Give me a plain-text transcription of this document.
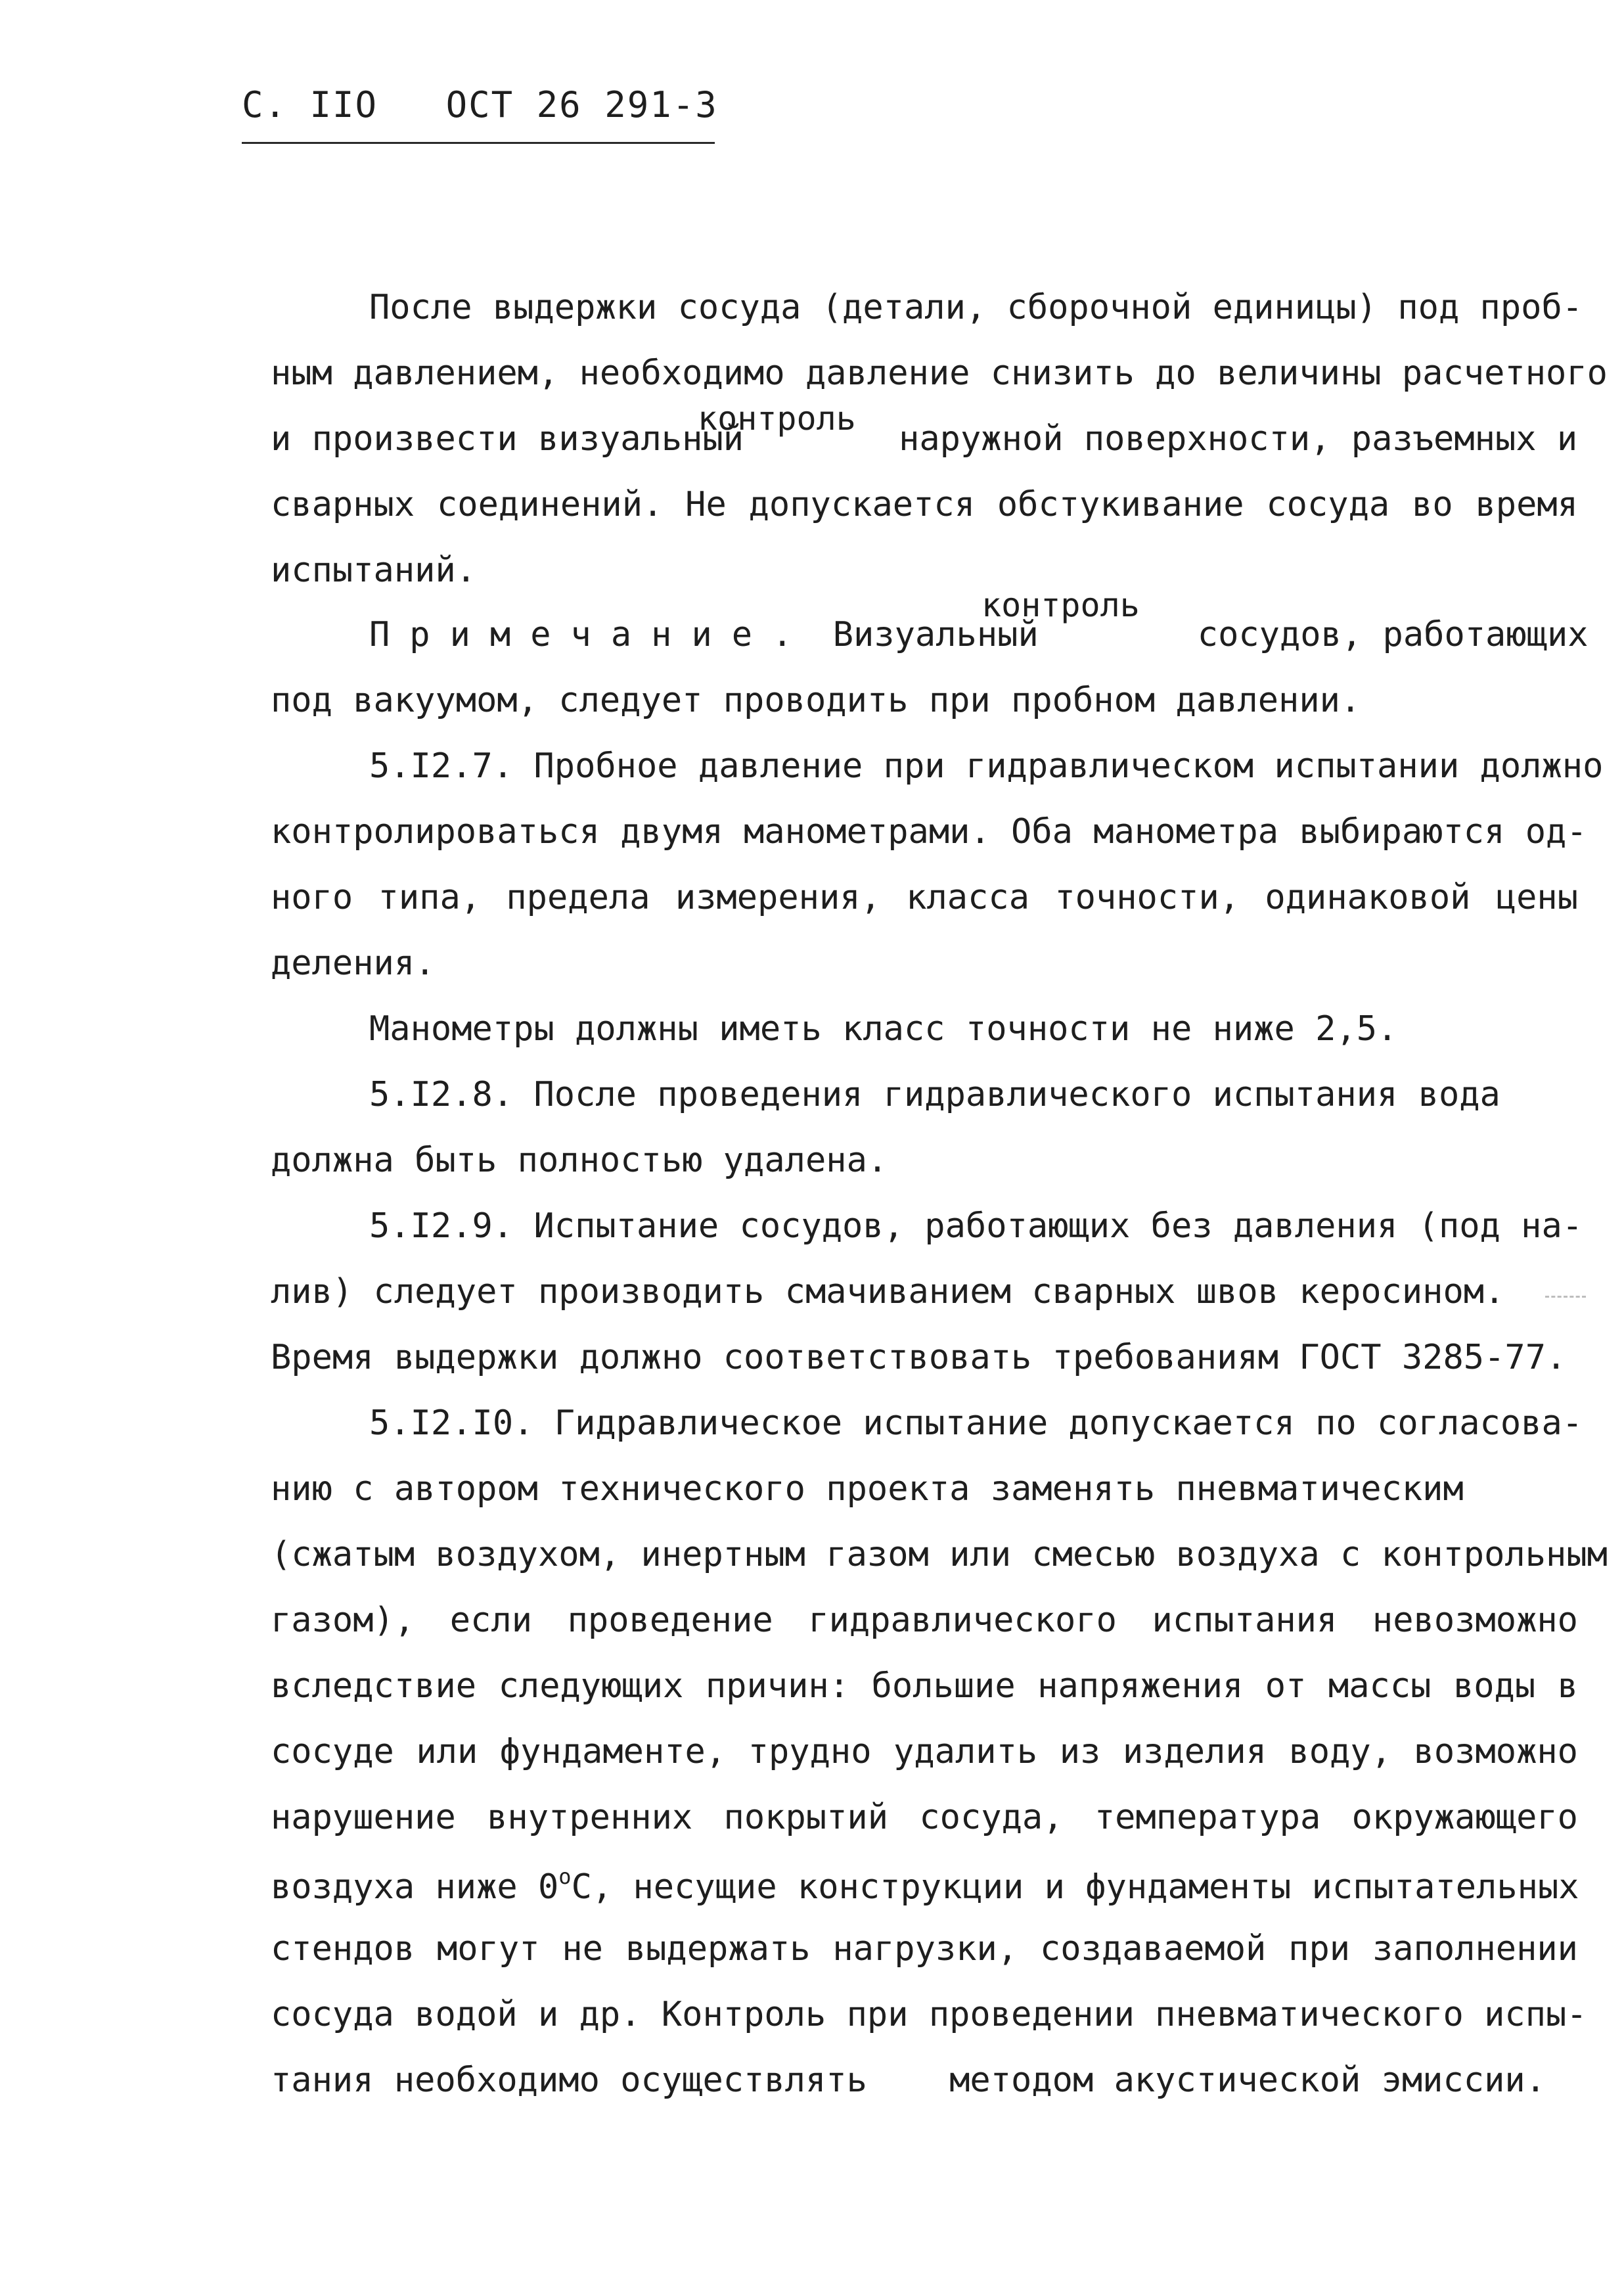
С. IIO ОСТ 26 291-3
После выдержки сосуда (детали, сборочной единицы) под проб-
ным давлением, необходимо давление снизить до величины расчетного
и произвести визуальный	наружной поверхности, разъемных и
контроль
сварных соединений. Не допускается обстукивание сосуда во время
испытаний.
Примечание. Визуальный	сосудов, работающих
контроль
под вакуумом, следует проводить при пробном давлении.
5.I2.7. Пробное давление при гидравлическом испытании должно
контролироваться двумя манометрами. Оба манометра выбираются од-
ного типа, предела измерения, класса точности, одинаковой цены
деления.
Манометры должны иметь класс точности не ниже 2,5.
5.I2.8. После проведения гидравлического испытания вода
должна быть полностью удалена.
5.I2.9. Испытание сосудов, работающих без давления (под на-
лив) следует производить смачиванием сварных швов керосином.
Время выдержки должно соответствовать требованиям ГОСТ 3285-77.
5.I2.I0. Гидравлическое испытание допускается по согласова-
нию с автором технического проекта заменять пневматическим
(сжатым воздухом, инертным газом или смесью воздуха с контрольным
газом), если проведение гидравлического испытания невозможно
вследствие следующих причин: большие напряжения от массы воды в
сосуде или фундаменте, трудно удалить из изделия воду, возможно
нарушение внутренних покрытий сосуда, температура окружающего
воздуха ниже $0^оС$, несущие конструкции и фундаменты испытательных
стендов могут не выдержать нагрузки, создаваемой при заполнении
сосуда водой и др. Контроль при проведении пневматического испы-
тания необходимо осуществлять    методом акустической эмиссии.
